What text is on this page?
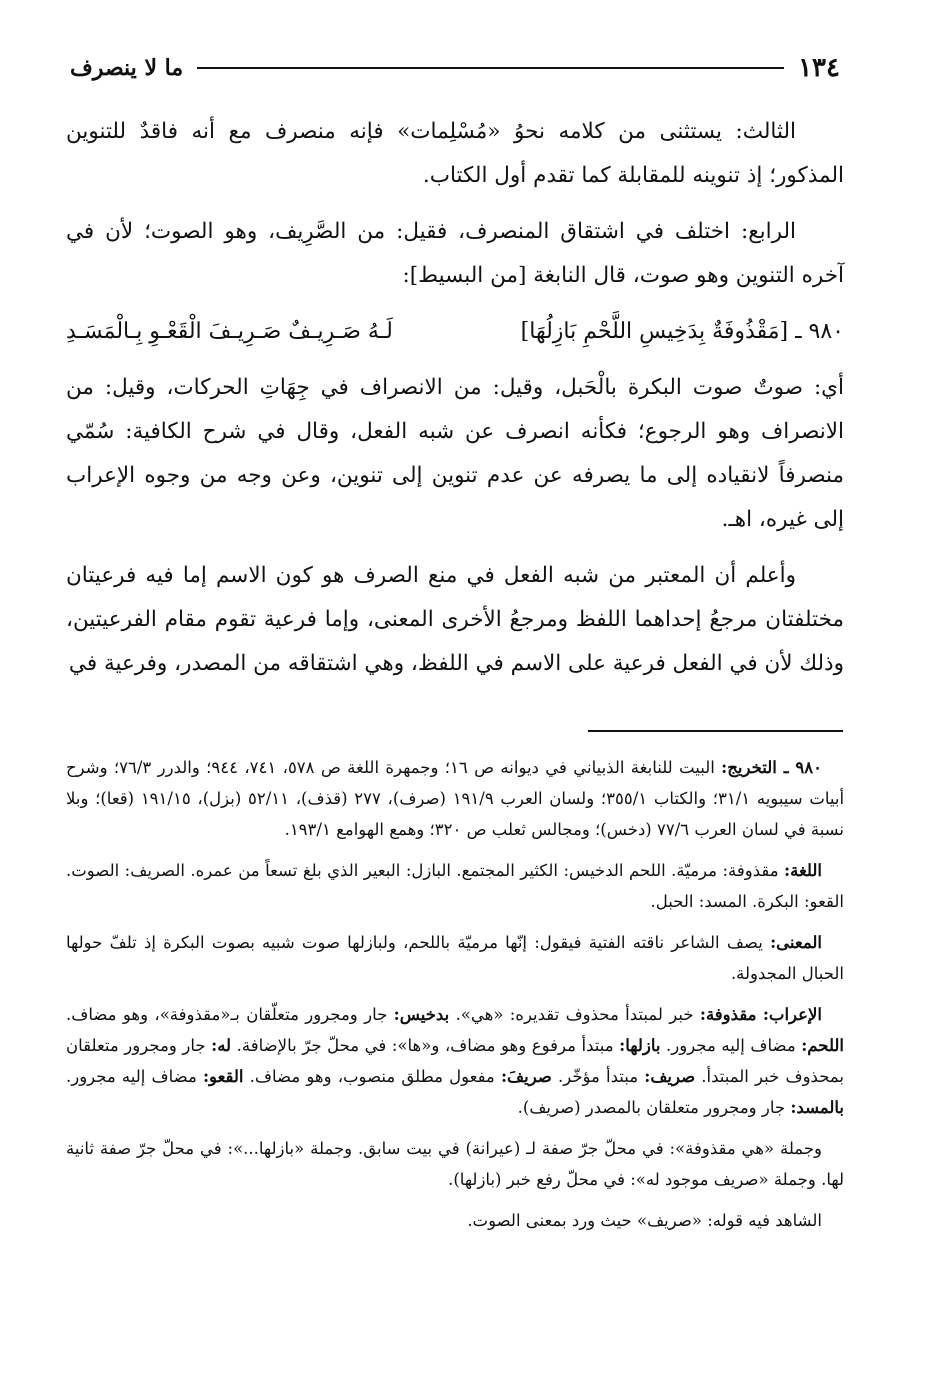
١٣٤
ما لا ينصرف

الثالث: يستثنى من كلامه نحوُ «مُسْلِمات» فإنه منصرف مع أنه فاقدٌ للتنوين المذكور؛ إذ تنوينه للمقابلة كما تقدم أول الكتاب.

الرابع: اختلف في اشتقاق المنصرف، فقيل: من الصَّرِيف، وهو الصوت؛ لأن في آخره التنوين وهو صوت، قال النابغة [من البسيط]:

٩٨٠ ـ [مَقْذُوفَةٌ بِدَخِيسِ اللَّحْمِ بَازِلُهَا]
لَـهُ صَـرِيـفٌ صَـرِيـفَ الْقَعْـوِ بِـالْمَسَـدِ

أي: صوتٌ صوت البكرة بالْحَبل، وقيل: من الانصراف في جِهَاتِ الحركات، وقيل: من الانصراف وهو الرجوع؛ فكأنه انصرف عن شبه الفعل، وقال في شرح الكافية: سُمّي منصرفاً لانقياده إلى ما يصرفه عن عدم تنوين إلى تنوين، وعن وجه من وجوه الإعراب إلى غيره، اهـ.

وأعلم أن المعتبر من شبه الفعل في منع الصرف هو كون الاسم إما فيه فرعيتان مختلفتان مرجعُ إحداهما اللفظ ومرجعُ الأخرى المعنى، وإما فرعية تقوم مقام الفرعيتين، وذلك لأن في الفعل فرعية على الاسم في اللفظ، وهي اشتقاقه من المصدر، وفرعية في

٩٨٠ ـ التخريج: البيت للنابغة الذبياني في ديوانه ص ١٦؛ وجمهرة اللغة ص ٥٧٨، ٧٤١، ٩٤٤؛ والدرر ٧٦/٣؛ وشرح أبيات سيبويه ٣١/١؛ والكتاب ٣٥٥/١؛ ولسان العرب ١٩١/٩ (صرف)، ٢٧٧ (قذف)، ٥٢/١١ (بزل)، ١٩١/١٥ (قعا)؛ وبلا نسبة في لسان العرب ٧٧/٦ (دخس)؛ ومجالس ثعلب ص ٣٢٠؛ وهمع الهوامع ١٩٣/١.

اللغة: مقذوفة: مرميّة. اللحم الدخيس: الكثير المجتمع. البازل: البعير الذي بلغ تسعاً من عمره. الصريف: الصوت. القعو: البكرة. المسد: الحبل.

المعنى: يصف الشاعر ناقته الفتية فيقول: إنّها مرميّة باللحم، ولبازلها صوت شبيه بصوت البكرة إذ تلفّ حولها الحبال المجدولة.

الإعراب: مقذوفة: خبر لمبتدأ محذوف تقديره: «هي». بدخيس: جار ومجرور متعلّقان بـ«مقذوفة»، وهو مضاف. اللحم: مضاف إليه مجرور. بازلها: مبتدأ مرفوع وهو مضاف، و«ها»: في محلّ جرّ بالإضافة. له: جار ومجرور متعلقان بمحذوف خبر المبتدأ. صريف: مبتدأ مؤخّر. صريفَ: مفعول مطلق منصوب، وهو مضاف. القعو: مضاف إليه مجرور. بالمسد: جار ومجرور متعلقان بالمصدر (صريف).

وجملة «هي مقذوفة»: في محلّ جرّ صفة لـ (عيرانة) في بيت سابق. وجملة «بازلها...»: في محلّ جرّ صفة ثانية لها. وجملة «صريف موجود له»: في محلّ رفع خبر (بازلها).

الشاهد فيه قوله: «صريف» حيث ورد بمعنى الصوت.
